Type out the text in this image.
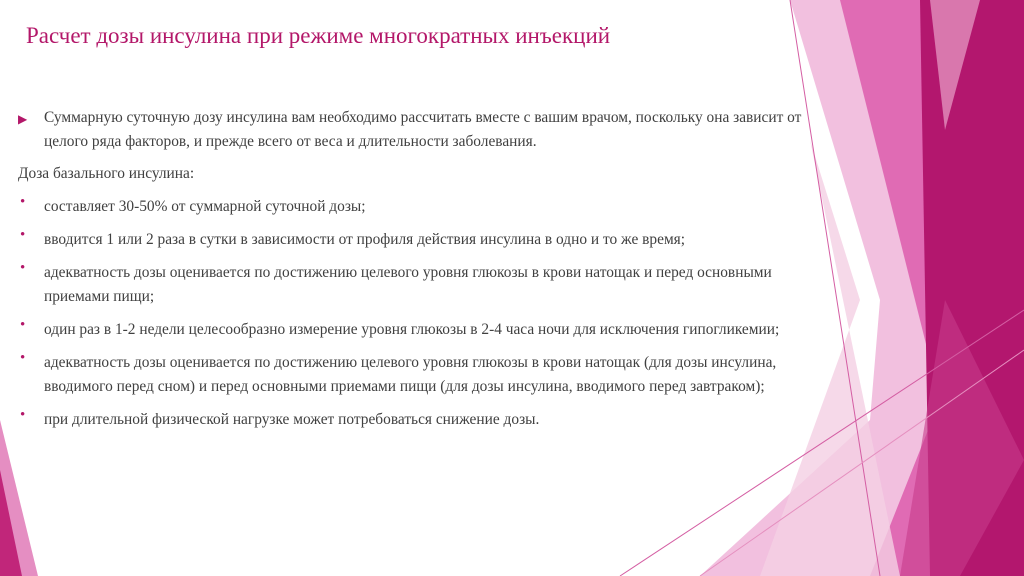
Расчет дозы инсулина при режиме многократных инъекций
▶ Суммарную суточную дозу инсулина вам необходимо рассчитать вместе с вашим врачом, поскольку она зависит от целого ряда факторов, и прежде всего от веса и длительности заболевания.
Доза базального инсулина:
• составляет 30-50% от суммарной суточной дозы;
• вводится 1 или 2 раза в сутки в зависимости от профиля действия инсулина в одно и то же время;
• адекватность дозы оценивается по достижению целевого уровня глюкозы в крови натощак и перед основными приемами пищи;
• один раз в 1-2 недели целесообразно измерение уровня глюкозы в 2-4 часа ночи для исключения гипогликемии;
• адекватность дозы оценивается по достижению целевого уровня глюкозы в крови натощак (для дозы инсулина, вводимого перед сном) и перед основными приемами пищи (для дозы инсулина, вводимого перед завтраком);
• при длительной физической нагрузке может потребоваться снижение дозы.
